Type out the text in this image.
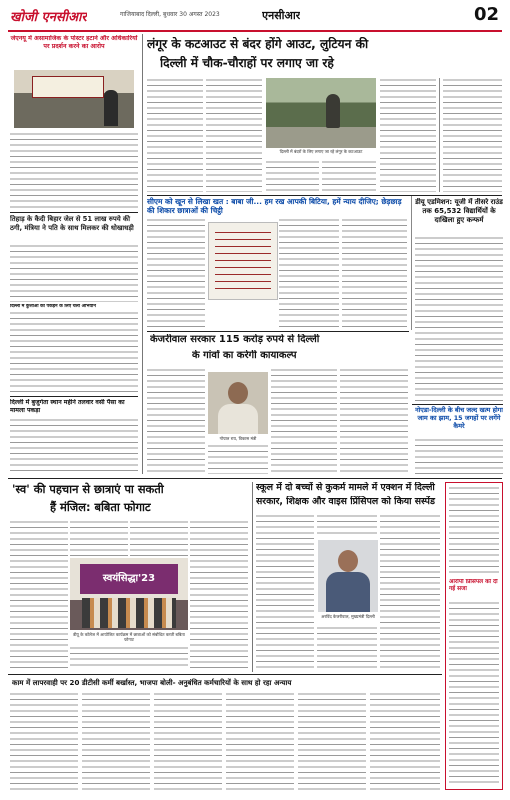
खोजी एनसीआर	गाजियाबाद दिल्ली, बुधवार 30 अगस्त 2023	एनसीआर	02
जेएनयू में असामाजिक के पोस्टर हटाने और अधिकारियों पर प्रदर्शन करने का आरोप
तिहाड़ के कैदी बिहार जेल से 51 लाख रुपये की ठगी, मंत्रिया ने पति के साथ मिलकर की धोखाधड़ी
दिल्ली में कुत्ताओं को पकड़ने के लिए चला अभियान
दिल्ली में बुजुर्गता स्थान महीने तलवार वसी पैसा का मामला पकड़ा
लंगूर के कटआउट से बंदर होंगे आउट, लुटियन की
दिल्ली में चौक-चौराहों पर लगाए जा रहे
दिल्ली में बंदरों के लिए लगाए जा रहे लंगूर के कटआउट
सीएम को खून से लिखा खत : बाबा जी... हम रख आपकी बिटिया, हमें न्याय दीजिए; छेड़छाड़ की शिकार छात्राओं की चिट्ठी
डीयू एडमिशन: यूजी में तीसरे राउंड तक 65,532 विद्यार्थियों के दाखिला हुए कन्फर्म
केजरीवाल सरकार 115 करोड़ रुपये से दिल्ली
के गांवों का करेगी कायाकल्प
गोपाल राय, विकास मंत्री
नोएडा-दिल्ली के बीच जल्द खत्म होगा जाम का झाम, 15 जगहों पर लगेंगे कैमरे
'स्व' की पहचान से छात्राएं पा सकती
हैं मंजिल: बबिता फोगाट
स्वयंसिद्धा'23
डीयू के कॉलेज में आयोजित कार्यक्रम में छात्राओं को संबोधित करती बबिता फोगाट
स्कूल में दो बच्चों से कुकर्म मामले में एक्शन में दिल्ली
सरकार, शिक्षक और वाइस प्रिंसिपल को किया सस्पेंड
अरविंद केजरीवाल, मुख्यमंत्री दिल्ली
आरोपी प्रिंसिपल को दी गई सजा
काम में लापरवाही पर 20 डीटीसी कर्मी बर्खास्त, भाजपा बोली- अनुबंधित कर्मचारियों के साथ हो रहा अन्याय
